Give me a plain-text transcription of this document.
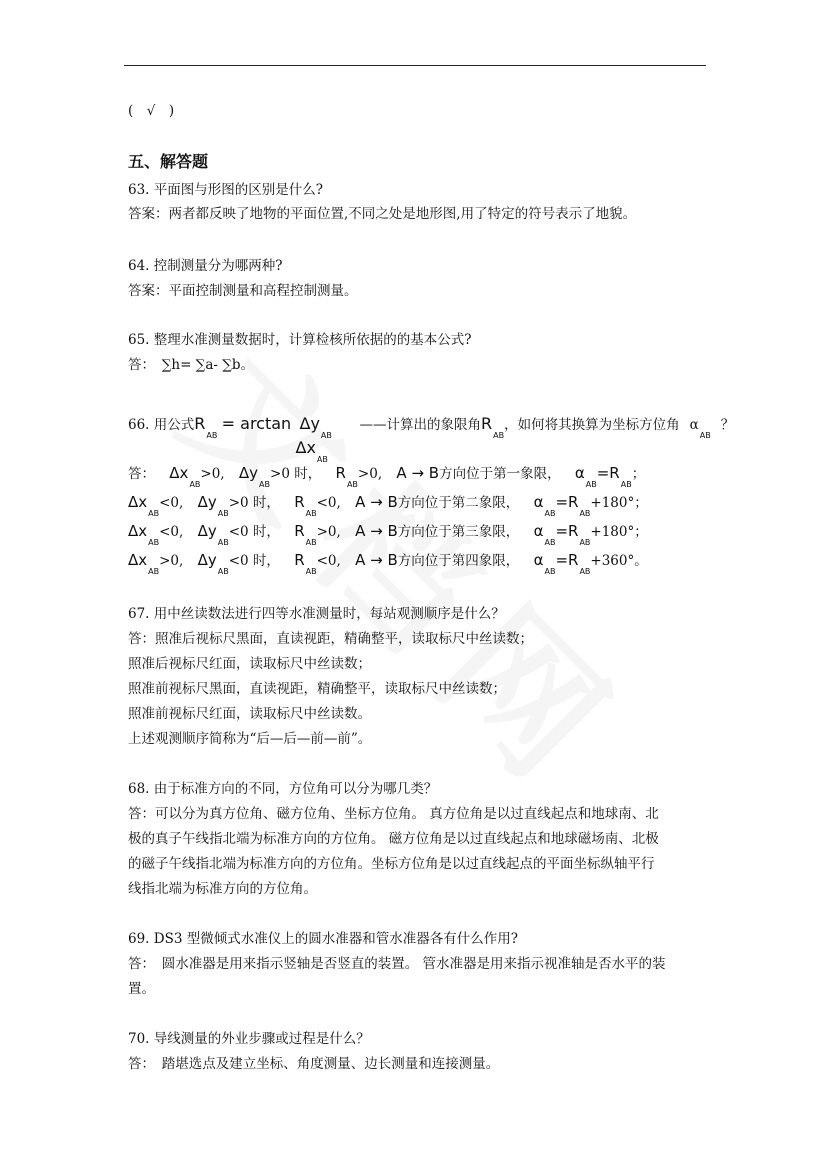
(　√　)
五、解答题
63. 平面图与形图的区别是什么?
答案：两者都反映了地物的平面位置,不同之处是地形图,用了特定的符号表示了地貌。
64. 控制测量分为哪两种?
答案：平面控制测量和高程控制测量。
65. 整理水准测量数据时，计算检核所依据的的基本公式?
答：　∑h= ∑a- ∑b。
66. 用公式$R_{AB} = \arctan \Delta y_{AB}$
$\Delta x_{AB}$
——计算出的象限角$R_{AB}$，如何将其换算为坐标方位角 $\alpha_{AB}$？
答： $\Delta x_{AB}>0$, $\Delta y_{AB}>0$ 时， $R_{AB}>0$, A → B方向位于第一象限， $\alpha_{AB}=R_{AB}$；
$\Delta x_{AB}<0$, $\Delta y_{AB}>0$ 时， $R_{AB}<0$, A → B方向位于第二象限， $\alpha_{AB}=R_{AB}+180^\circ$；
$\Delta x_{AB}<0$, $\Delta y_{AB}<0$ 时， $R_{AB}>0$, A → B方向位于第三象限， $\alpha_{AB}=R_{AB}+180^\circ$；
$\Delta x_{AB}>0$, $\Delta y_{AB}<0$ 时， $R_{AB}<0$, A → B方向位于第四象限， $\alpha_{AB}=R_{AB}+360^\circ$。
67. 用中丝读数法进行四等水准测量时，每站观测顺序是什么？
答：照准后视标尺黑面，直读视距，精确整平，读取标尺中丝读数；
照准后视标尺红面，读取标尺中丝读数；
照准前视标尺黑面，直读视距，精确整平，读取标尺中丝读数；
照准前视标尺红面，读取标尺中丝读数。
上述观测顺序简称为“后—后—前—前”。
68. 由于标准方向的不同，方位角可以分为哪几类？
答：可以分为真方位角、磁方位角、坐标方位角。 真方位角是以过直线起点和地球南、北
极的真子午线指北端为标准方向的方位角。 磁方位角是以过直线起点和地球磁场南、北极
的磁子午线指北端为标准方向的方位角。坐标方位角是以过直线起点的平面坐标纵轴平行
线指北端为标准方向的方位角。
69. DS3 型微倾式水准仪上的圆水准器和管水准器各有什么作用?
答：　圆水准器是用来指示竖轴是否竖直的装置。 管水准器是用来指示视准轴是否水平的装
置。
70. 导线测量的外业步骤或过程是什么？
答：　踏堪选点及建立坐标、角度测量、边长测量和连接测量。
